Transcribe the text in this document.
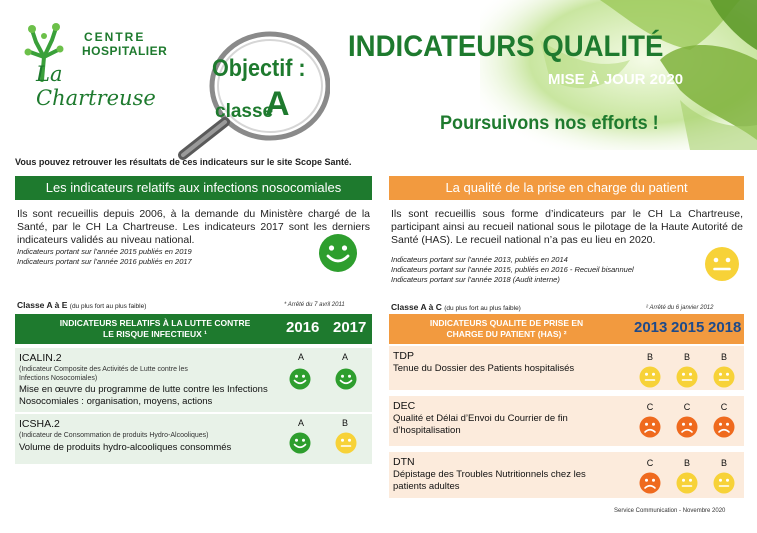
CENTRE
HOSPITALIER
La Chartreuse
Objectif :
classe
A
INDICATEURS QUALITÉ
MISE À JOUR 2020
Poursuivons nos efforts !
Vous pouvez retrouver les résultats de ces indicateurs sur le site Scope Santé.
Les indicateurs relatifs aux infections nosocomiales

Ils sont recueillis depuis 2006, à la demande du Ministère chargé de la Santé, par le CH La Chartreuse. Les indicateurs 2017 sont les derniers indicateurs validés au niveau national.

Indicateurs portant sur l’année 2015 publiés en 2019
Indicateurs portant sur l’année 2016 publiés en 2017
Classe A à E (du plus fort au plus faible)	* Arrêté du 7 avril 2011
INDICATEURS RELATIFS À LA LUTTE CONTRE
LE RISQUE INFECTIEUX ¹	2016 2017
ICALIN.2
(Indicateur Composite des Activités de Lutte contre les
Infections Nosocomiales)
Mise en œuvre du programme de lutte contre les Infections
Nosocomiales : organisation, moyens, actions
A	A
ICSHA.2
(Indicateur de Consommation de produits Hydro-Alcooliques)
Volume de produits hydro-alcooliques consommés
A	B
La qualité de la prise en charge du patient

Ils sont recueillis sous forme d’indicateurs par le CH La Chartreuse, participant ainsi au recueil national sous le pilotage de la Haute Autorité de Santé (HAS). Le recueil national n’a pas eu lieu en 2020.

Indicateurs portant sur l’année 2013, publiés en 2014
Indicateurs portant sur l’année 2015, publiés en 2016 - Recueil bisannuel
Indicateurs portant sur l’année 2018 (Audit interne)
Classe A à C (du plus fort au plus faible)	² Arrêté du 6 janvier 2012
INDICATEURS QUALITE DE PRISE EN
CHARGE DU PATIENT (HAS) ²	2013 2015 2018
TDP
Tenue du Dossier des Patients hospitalisés
B	B	B
DEC
Qualité et Délai d’Envoi du Courrier de fin
d’hospitalisation
C	C	C
DTN
Dépistage des Troubles Nutritionnels chez les
patients adultes
C	B	B
Service Communication - Novembre 2020
